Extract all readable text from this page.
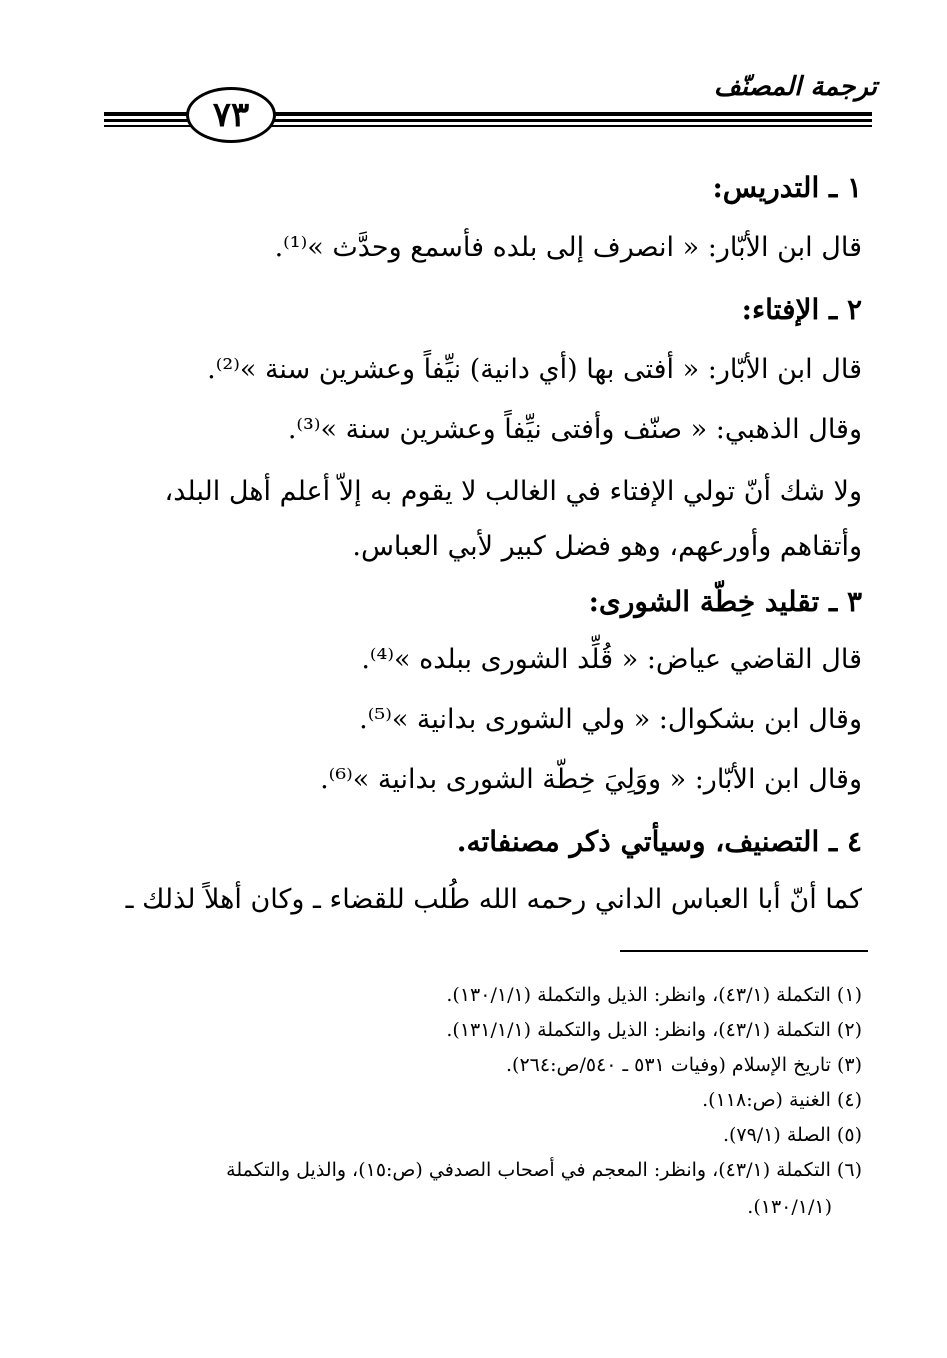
ترجمة المصنّف
٧٣
١ ـ التدريس:
قال ابن الأبّار: « انصرف إلى بلده فأسمع وحدَّث »⁽¹⁾.
٢ ـ الإفتاء:
قال ابن الأبّار: « أفتى بها (أي دانية) نيِّفاً وعشرين سنة »⁽²⁾.
وقال الذهبي: « صنّف وأفتى نيِّفاً وعشرين سنة »⁽³⁾.
ولا شك أنّ تولي الإفتاء في الغالب لا يقوم به إلاّ أعلم أهل البلد،
وأتقاهم وأورعهم، وهو فضل كبير لأبي العباس.
٣ ـ تقليد خِطّة الشورى:
قال القاضي عياض: « قُلِّد الشورى ببلده »⁽⁴⁾.
وقال ابن بشكوال: « ولي الشورى بدانية »⁽⁵⁾.
وقال ابن الأبّار: « ووَلِيَ خِطّة الشورى بدانية »⁽⁶⁾.
٤ ـ التصنيف، وسيأتي ذكر مصنفاته.
كما أنّ أبا العباس الداني رحمه الله طُلب للقضاء ـ وكان أهلاً لذلك ـ
(١) التكملة (٤٣/١)، وانظر: الذيل والتكملة (١٣٠/١/١).
(٢) التكملة (٤٣/١)، وانظر: الذيل والتكملة (١٣١/١/١).
(٣) تاريخ الإسلام (وفيات ٥٣١ ـ ٥٤٠/ص:٢٦٤).
(٤) الغنية (ص:١١٨).
(٥) الصلة (٧٩/١).
(٦) التكملة (٤٣/١)، وانظر: المعجم في أصحاب الصدفي (ص:١٥)، والذيل والتكملة
(١٣٠/١/١).
